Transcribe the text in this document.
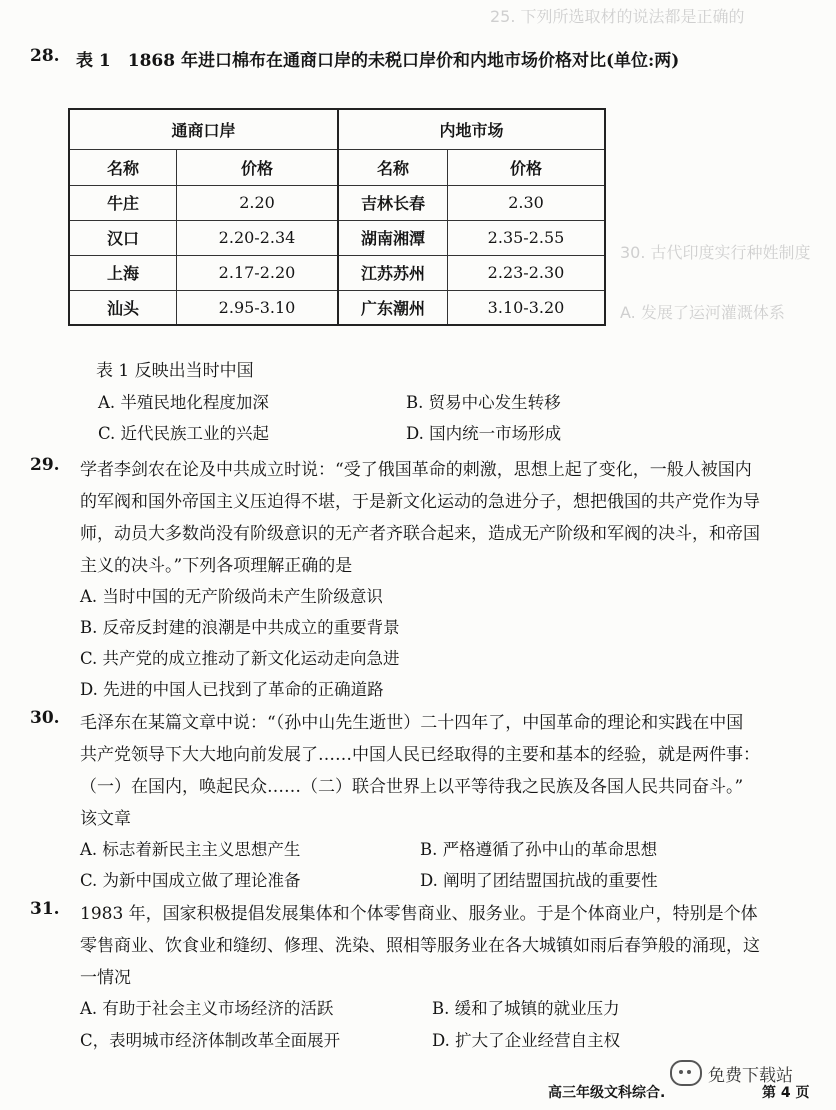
25. 下列所选取材的说法都是正确的
30. 古代印度实行种姓制度
A. 发展了运河灌溉体系
28. 表 1　1868 年进口棉布在通商口岸的未税口岸价和内地市场价格对比(单位:两)
通商口岸		内地市场	
名称	价格	名称	价格
牛庄	2.20	吉林长春	2.30
汉口	2.20-2.34	湖南湘潭	2.35-2.55
上海	2.17-2.20	江苏苏州	2.23-2.30
汕头	2.95-3.10	广东潮州	3.10-3.20
表 1 反映出当时中国
A. 半殖民地化程度加深	B. 贸易中心发生转移
C. 近代民族工业的兴起	D. 国内统一市场形成
29. 学者李剑农在论及中共成立时说：“受了俄国革命的刺激，思想上起了变化，一般人被国内
的军阀和国外帝国主义压迫得不堪，于是新文化运动的急进分子，想把俄国的共产党作为导
师，动员大多数尚没有阶级意识的无产者齐联合起来，造成无产阶级和军阀的决斗，和帝国
主义的决斗。”下列各项理解正确的是
A. 当时中国的无产阶级尚未产生阶级意识
B. 反帝反封建的浪潮是中共成立的重要背景
C. 共产党的成立推动了新文化运动走向急进
D. 先进的中国人已找到了革命的正确道路
30. 毛泽东在某篇文章中说：“（孙中山先生逝世）二十四年了，中国革命的理论和实践在中国
共产党领导下大大地向前发展了……中国人民已经取得的主要和基本的经验，就是两件事：
（一）在国内，唤起民众……（二）联合世界上以平等待我之民族及各国人民共同奋斗。”
该文章
A. 标志着新民主主义思想产生	B. 严格遵循了孙中山的革命思想
C. 为新中国成立做了理论准备	D. 阐明了团结盟国抗战的重要性
31. 1983 年，国家积极提倡发展集体和个体零售商业、服务业。于是个体商业户，特别是个体
零售商业、饮食业和缝纫、修理、洗染、照相等服务业在各大城镇如雨后春笋般的涌现，这
一情况
A. 有助于社会主义市场经济的活跃	B. 缓和了城镇的就业压力
C，表明城市经济体制改革全面展开	D. 扩大了企业经营自主权
免费下载站
高三年级文科综合.	第 4 页
